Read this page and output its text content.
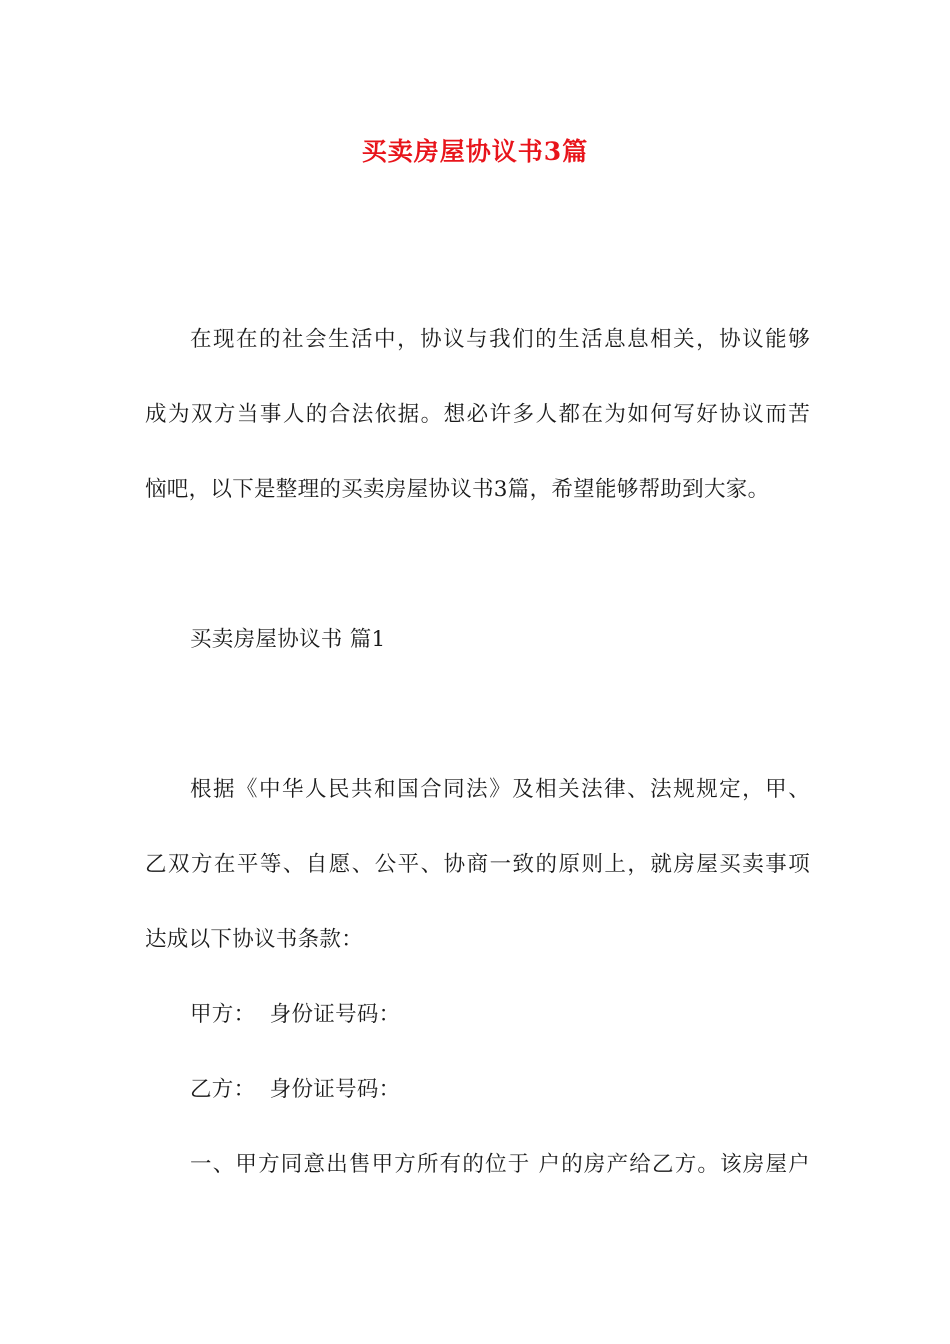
买卖房屋协议书3篇
在现在的社会生活中，协议与我们的生活息息相关，协议能够
成为双方当事人的合法依据。想必许多人都在为如何写好协议而苦
恼吧，以下是整理的买卖房屋协议书3篇，希望能够帮助到大家。
买卖房屋协议书 篇1
根据《中华人民共和国合同法》及相关法律、法规规定，甲、
乙双方在平等、自愿、公平、协商一致的原则上，就房屋买卖事项
达成以下协议书条款：
甲方：  身份证号码：
乙方：  身份证号码：
一、甲方同意出售甲方所有的位于 户的房产给乙方。该房屋户
